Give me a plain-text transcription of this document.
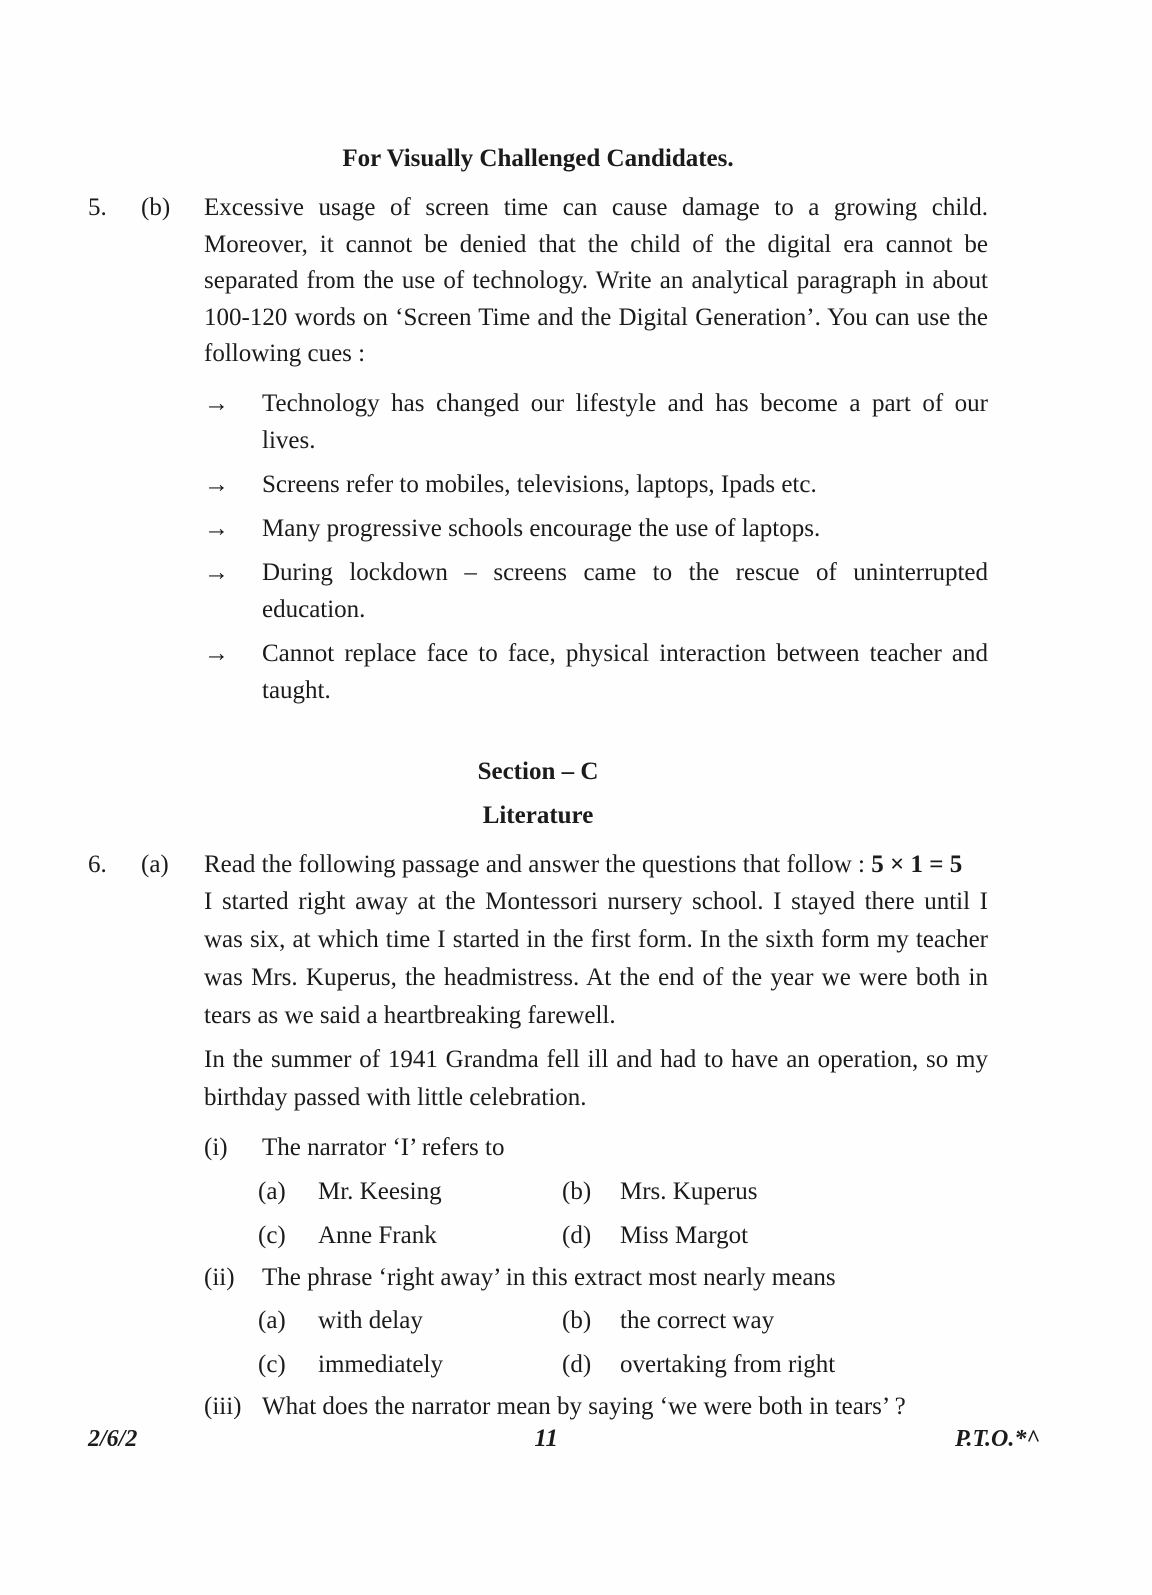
For Visually Challenged Candidates.
5.	(b)	Excessive usage of screen time can cause damage to a growing child. Moreover, it cannot be denied that the child of the digital era cannot be separated from the use of technology. Write an analytical paragraph in about 100-120 words on ‘Screen Time and the Digital Generation’. You can use the following cues :
→	Technology has changed our lifestyle and has become a part of our lives.
→	Screens refer to mobiles, televisions, laptops, Ipads etc.
→	Many progressive schools encourage the use of laptops.
→	During lockdown – screens came to the rescue of uninterrupted education.
→	Cannot replace face to face, physical interaction between teacher and taught.
Section – C
Literature
6.	(a)	Read the following passage and answer the questions that follow : 5 × 1 = 5
I started right away at the Montessori nursery school. I stayed there until I was six, at which time I started in the first form. In the sixth form my teacher was Mrs. Kuperus, the headmistress. At the end of the year we were both in tears as we said a heartbreaking farewell.
In the summer of 1941 Grandma fell ill and had to have an operation, so my birthday passed with little celebration.
(i)	The narrator ‘I’ refers to
(a)	Mr. Keesing	(b)	Mrs. Kuperus
(c)	Anne Frank	(d)	Miss Margot
(ii)	The phrase ‘right away’ in this extract most nearly means
(a)	with delay	(b)	the correct way
(c)	immediately	(d)	overtaking from right
(iii) What does the narrator mean by saying ‘we were both in tears’ ?
2/6/2	11	P.T.O.*^
